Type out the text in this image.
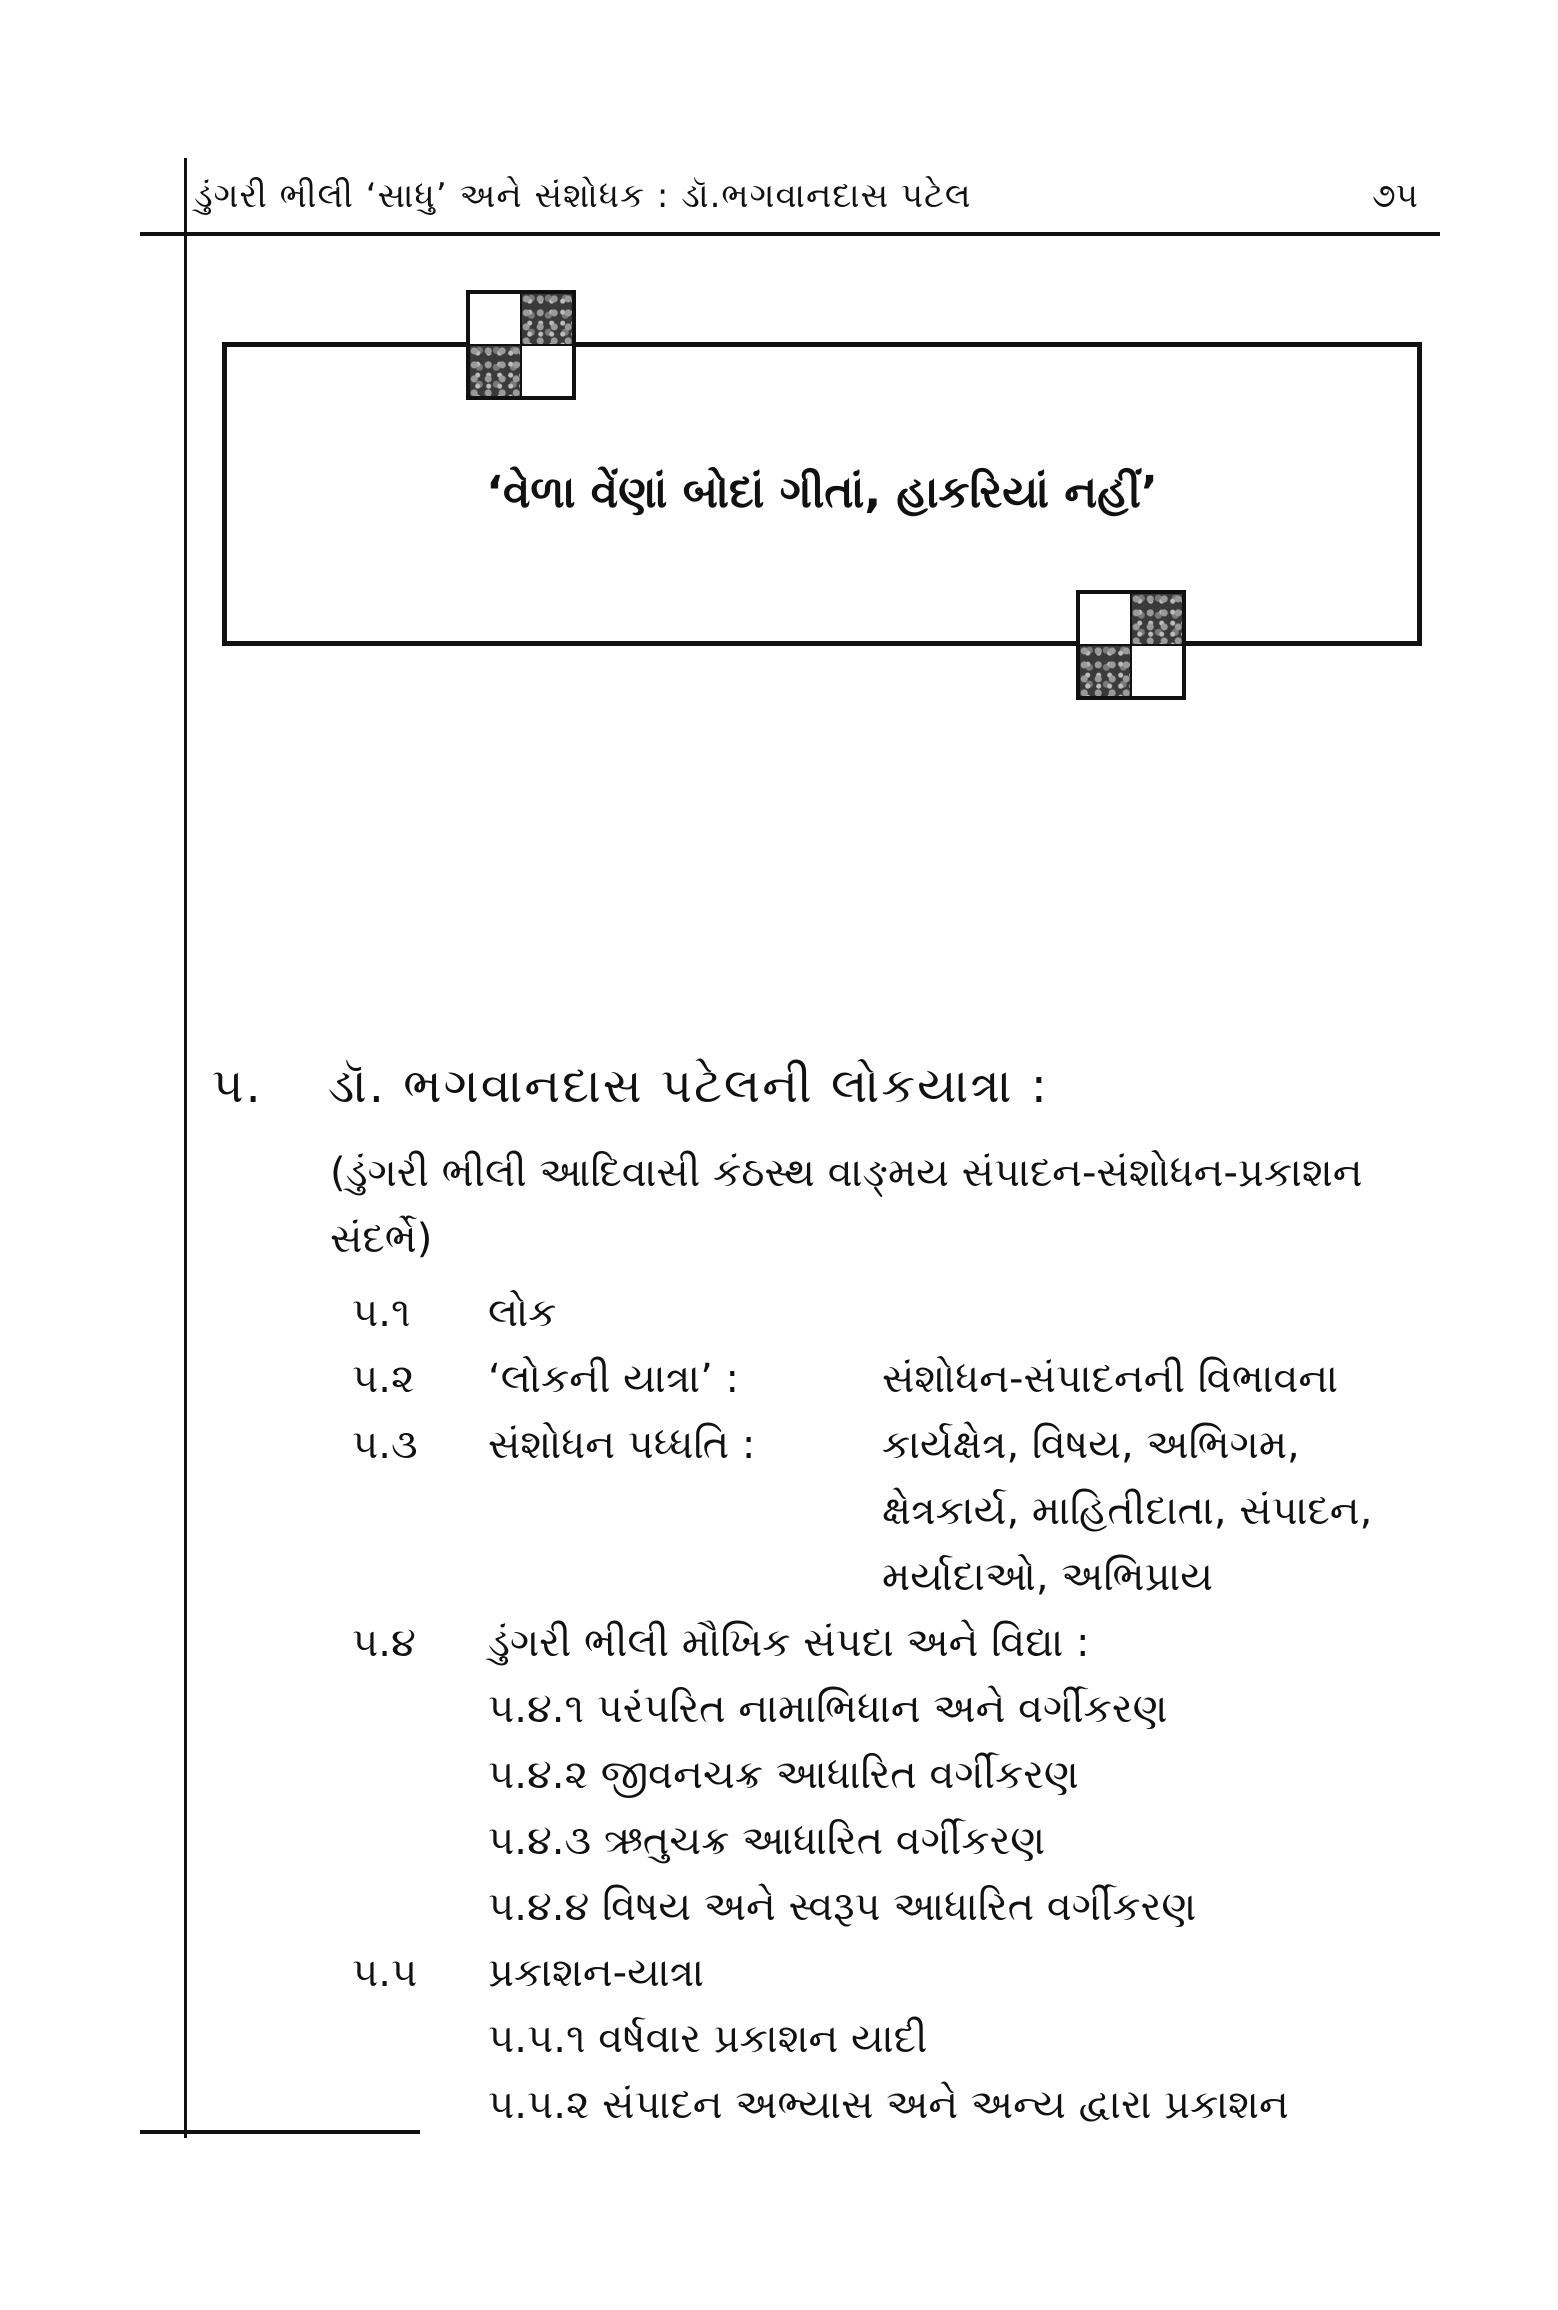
ડુંગરી ભીલી ‘સાધુ’ અને સંશોધક : ડૉ.ભગવાનદાસ પટેલ	૭૫
‘વેળા વેંણાં બોદાં ગીતાં, હાકરિયાં નહીં’
૫. ડૉ. ભગવાનદાસ પટેલની લોકયાત્રા :
(ડુંગરી ભીલી આદિવાસી કંઠસ્થ વાઙ્‌મય સંપાદન-સંશોધન-પ્રકાશન સંદર્ભે)
૫.૧ લોક
૫.૨ ‘લોકની યાત્રા’ :	સંશોધન-સંપાદનની વિભાવના
૫.૩ સંશોધન પધ્ધતિ :	કાર્યક્ષેત્ર, વિષય, અભિગમ,
ક્ષેત્રકાર્ય, માહિતીદાતા, સંપાદન,
મર્યાદાઓ, અભિપ્રાય
૫.૪ ડુંગરી ભીલી મૌખિક સંપદા અને વિદ્યા :
૫.૪.૧ પરંપરિત નામાભિધાન અને વર્ગીકરણ
૫.૪.૨ જીવનચક્ર આધારિત વર્ગીકરણ
૫.૪.૩ ઋતુચક્ર આધારિત વર્ગીકરણ
૫.૪.૪ વિષય અને સ્વરૂપ આધારિત વર્ગીકરણ
૫.૫ પ્રકાશન-યાત્રા
૫.૫.૧ વર્ષવાર પ્રકાશન યાદી
૫.૫.૨ સંપાદન અભ્યાસ અને અન્ય દ્વારા પ્રકાશન
